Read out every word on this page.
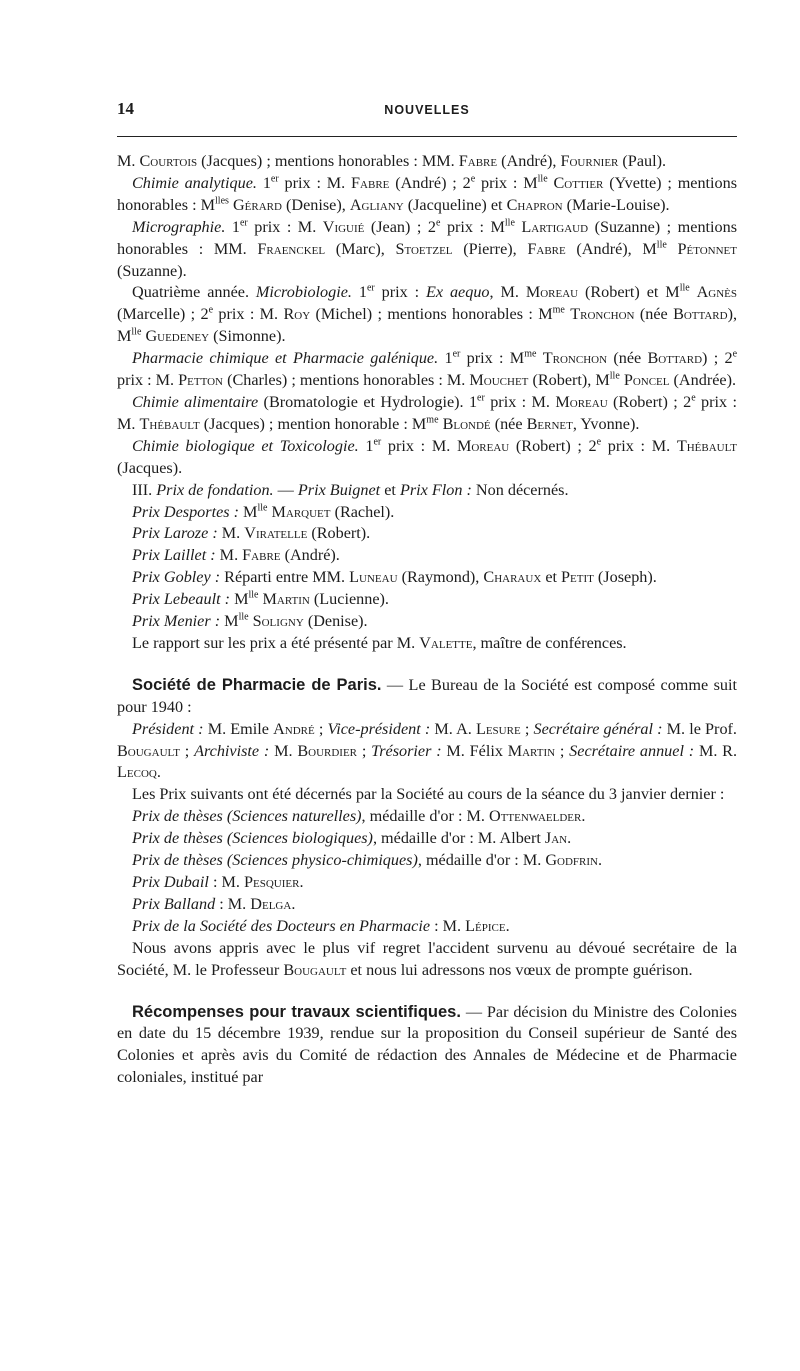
14	NOUVELLES

M. Courtois (Jacques) ; mentions honorables : MM. Fabre (André), Fournier (Paul).

Chimie analytique. 1er prix : M. Fabre (André) ; 2e prix : $M^{lle}$ Cottier (Yvette) ; mentions honorables : $M^{lles}$ Gérard (Denise), Agliany (Jacqueline) et Chapron (Marie-Louise).

Micrographie. 1er prix : M. Viguié (Jean) ; 2e prix : $M^{lle}$ Lartigaud (Suzanne) ; mentions honorables : MM. Fraenckel (Marc), Stoetzel (Pierre), Fabre (André), $M^{lle}$ Pétonnet (Suzanne).

Quatrième année. Microbiologie. 1er prix : Ex aequo, M. Moreau (Robert) et $M^{lle}$ Agnès (Marcelle) ; 2e prix : M. Roy (Michel) ; mentions honorables : $M^{me}$ Tronchon (née Bottard), $M^{lle}$ Guedeney (Simonne).

Pharmacie chimique et Pharmacie galénique. 1er prix : $M^{me}$ Tronchon (née Bottard) ; 2e prix : M. Petton (Charles) ; mentions honorables : M. Mouchet (Robert), $M^{lle}$ Poncel (Andrée).

Chimie alimentaire (Bromatologie et Hydrologie). 1er prix : M. Moreau (Robert) ; 2e prix : M. Thébault (Jacques) ; mention honorable : $M^{me}$ Blondé (née Bernet, Yvonne).

Chimie biologique et Toxicologie. 1er prix : M. Moreau (Robert) ; 2e prix : M. Thébault (Jacques).

III. Prix de fondation. — Prix Buignet et Prix Flon : Non décernés.

Prix Desportes : $M^{lle}$ Marquet (Rachel).

Prix Laroze : M. Viratelle (Robert).

Prix Laillet : M. Fabre (André).

Prix Gobley : Réparti entre MM. Luneau (Raymond), Charaux et Petit (Joseph).

Prix Lebeault : $M^{lle}$ Martin (Lucienne).

Prix Menier : $M^{lle}$ Soligny (Denise).

Le rapport sur les prix a été présenté par M. Valette, maître de conférences.

Société de Pharmacie de Paris. — Le Bureau de la Société est composé comme suit pour 1940 :

Président : M. Emile André ; Vice-président : M. A. Lesure ; Secrétaire général : M. le Prof. Bougault ; Archiviste : M. Bourdier ; Trésorier : M. Félix Martin ; Secrétaire annuel : M. R. Lecoq.

Les Prix suivants ont été décernés par la Société au cours de la séance du 3 janvier dernier :

Prix de thèses (Sciences naturelles), médaille d'or : M. Ottenwaelder.

Prix de thèses (Sciences biologiques), médaille d'or : M. Albert Jan.

Prix de thèses (Sciences physico-chimiques), médaille d'or : M. Godfrin.

Prix Dubail : M. Pesquier.

Prix Balland : M. Delga.

Prix de la Société des Docteurs en Pharmacie : M. Lépice.

Nous avons appris avec le plus vif regret l'accident survenu au dévoué secrétaire de la Société, M. le Professeur Bougault et nous lui adressons nos vœux de prompte guérison.

Récompenses pour travaux scientifiques. — Par décision du Ministre des Colonies en date du 15 décembre 1939, rendue sur la proposition du Conseil supérieur de Santé des Colonies et après avis du Comité de rédaction des Annales de Médecine et de Pharmacie coloniales, institué par
